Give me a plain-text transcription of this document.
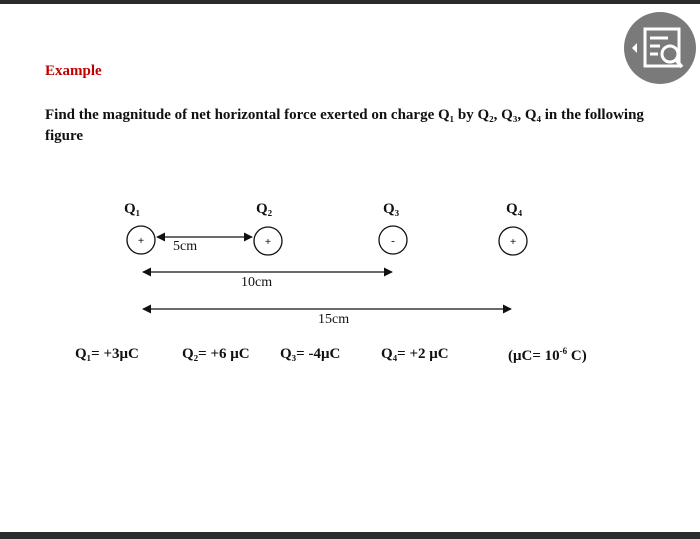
Example
Find the magnitude of net horizontal force exerted on charge Q₁ by Q₂, Q₃, Q₄ in the following figure
Q₁	Q₂	Q₃	Q₄
+	+	-	+
5cm
10cm
15cm
Q₁= +3μC	Q₂= +6 μC Q₃= -4μC	Q₄= +2 μC	($\mu C= 10^{-6}$ C)
